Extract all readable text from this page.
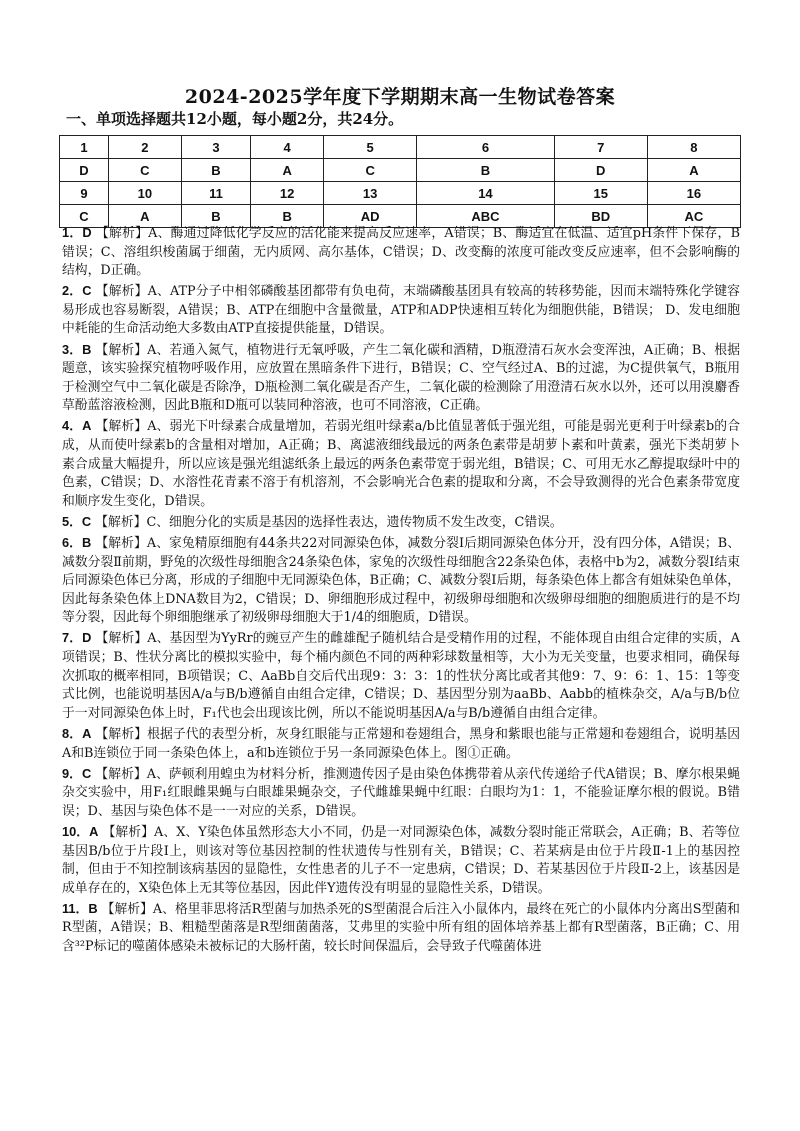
2024-2025学年度下学期期末高一生物试卷答案

一、单项选择题共12小题，每小题2分，共24分。

1	2	3	4	5	6	7	8
D	C	B	A	C	B	D	A
9	10	11	12	13	14	15	16
C	A	B	B	AD	ABC	BD	AC

1．D 【解析】A、酶通过降低化学反应的活化能来提高反应速率，A错误；B、酶适宜在低温、适宜pH条件下保存，B错误；C、溶组织梭菌属于细菌，无内质网、高尔基体，C错误；D、改变酶的浓度可能改变反应速率，但不会影响酶的结构，D正确。

2．C 【解析】A、ATP分子中相邻磷酸基团都带有负电荷，末端磷酸基团具有较高的转移势能，因而末端特殊化学键容易形成也容易断裂，A错误；B、ATP在细胞中含量微量，ATP和ADP快速相互转化为细胞供能，B错误； D、发电细胞中耗能的生命活动绝大多数由ATP直接提供能量，D错误。

3．B 【解析】A、若通入氮气，植物进行无氧呼吸，产生二氧化碳和酒精，D瓶澄清石灰水会变浑浊，A正确；B、根据题意，该实验探究植物呼吸作用，应放置在黑暗条件下进行，B错误；C、空气经过A、B的过滤，为C提供氧气，B瓶用于检测空气中二氧化碳是否除净，D瓶检测二氧化碳是否产生，二氧化碳的检测除了用澄清石灰水以外，还可以用溴麝香草酚蓝溶液检测，因此B瓶和D瓶可以装同种溶液，也可不同溶液，C正确。

4．A 【解析】A、弱光下叶绿素合成量增加，若弱光组叶绿素a/b比值显著低于强光组，可能是弱光更利于叶绿素b的合成，从而使叶绿素b的含量相对增加，A正确；B、离滤液细线最远的两条色素带是胡萝卜素和叶黄素，强光下类胡萝卜素合成量大幅提升，所以应该是强光组滤纸条上最远的两条色素带宽于弱光组，B错误；C、可用无水乙醇提取绿叶中的色素，C错误；D、水溶性花青素不溶于有机溶剂，不会影响光合色素的提取和分离，不会导致测得的光合色素条带宽度和顺序发生变化，D错误。

5．C 【解析】C、细胞分化的实质是基因的选择性表达，遗传物质不发生改变，C错误。

6．B 【解析】A、家兔精原细胞有44条共22对同源染色体，减数分裂Ⅰ后期同源染色体分开，没有四分体，A错误；B、减数分裂Ⅱ前期，野兔的次级性母细胞含24条染色体，家兔的次级性母细胞含22条染色体，表格中b为2，减数分裂Ⅰ结束后同源染色体已分离，形成的子细胞中无同源染色体，B正确；C、减数分裂Ⅰ后期，每条染色体上都含有姐妹染色单体，因此每条染色体上DNA数目为2，C错误；D、卵细胞形成过程中，初级卵母细胞和次级卵母细胞的细胞质进行的是不均等分裂，因此每个卵细胞继承了初级卵母细胞大于1/4的细胞质，D错误。

7．D 【解析】A、基因型为YyRr的豌豆产生的雌雄配子随机结合是受精作用的过程，不能体现自由组合定律的实质，A项错误；B、性状分离比的模拟实验中，每个桶内颜色不同的两种彩球数量相等，大小为无关变量，也要求相同，确保每次抓取的概率相同，B项错误；C、AaBb自交后代出现9：3：3：1的性状分离比或者其他9：7、9：6：1、15：1等变式比例，也能说明基因A/a与B/b遵循自由组合定律，C错误；D、基因型分别为aaBb、Aabb的植株杂交，A/a与B/b位于一对同源染色体上时，F₁代也会出现该比例，所以不能说明基因A/a与B/b遵循自由组合定律。

8．A 【解析】根据子代的表型分析，灰身红眼能与正常翅和卷翅组合，黑身和紫眼也能与正常翅和卷翅组合，说明基因A和B连锁位于同一条染色体上，a和b连锁位于另一条同源染色体上。图①正确。

9．C 【解析】A、萨顿利用蝗虫为材料分析，推测遗传因子是由染色体携带着从亲代传递给子代A错误；B、摩尔根果蝇杂交实验中，用F₁红眼雌果蝇与白眼雄果蝇杂交，子代雌雄果蝇中红眼：白眼均为1：1，不能验证摩尔根的假说。B错误；D、基因与染色体不是一一对应的关系，D错误。

10．A 【解析】A、X、Y染色体虽然形态大小不同，仍是一对同源染色体，减数分裂时能正常联会，A正确；B、若等位基因B/b位于片段Ⅰ上，则该对等位基因控制的性状遗传与性别有关，B错误；C、若某病是由位于片段Ⅱ-1上的基因控制，但由于不知控制该病基因的显隐性，女性患者的儿子不一定患病，C错误；D、若某基因位于片段Ⅱ-2上，该基因是成单存在的，X染色体上无其等位基因，因此伴Y遗传没有明显的显隐性关系，D错误。

11．B 【解析】A、格里菲思将活R型菌与加热杀死的S型菌混合后注入小鼠体内，最终在死亡的小鼠体内分离出S型菌和R型菌，A错误；B、粗糙型菌落是R型细菌菌落，艾弗里的实验中所有组的固体培养基上都有R型菌落，B正确；C、用含³²P标记的噬菌体感染未被标记的大肠杆菌，较长时间保温后，会导致子代噬菌体进
